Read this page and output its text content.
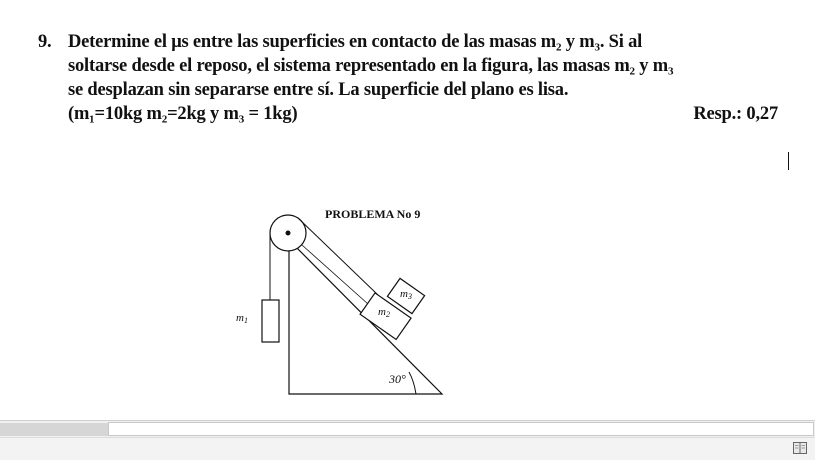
9. Determine el μs entre las superficies en contacto de las masas m₂ y m₃. Si al
soltarse desde el reposo, el sistema representado en la figura, las masas m₂ y m₃
se desplazan sin separarse entre sí. La superficie del plano es lisa.
(m₁=10kg m₂=2kg y m₃ = 1kg)	Resp.: 0,27
PROBLEMA No 9
$m_1$
$m_2$
$m_3$
30°
